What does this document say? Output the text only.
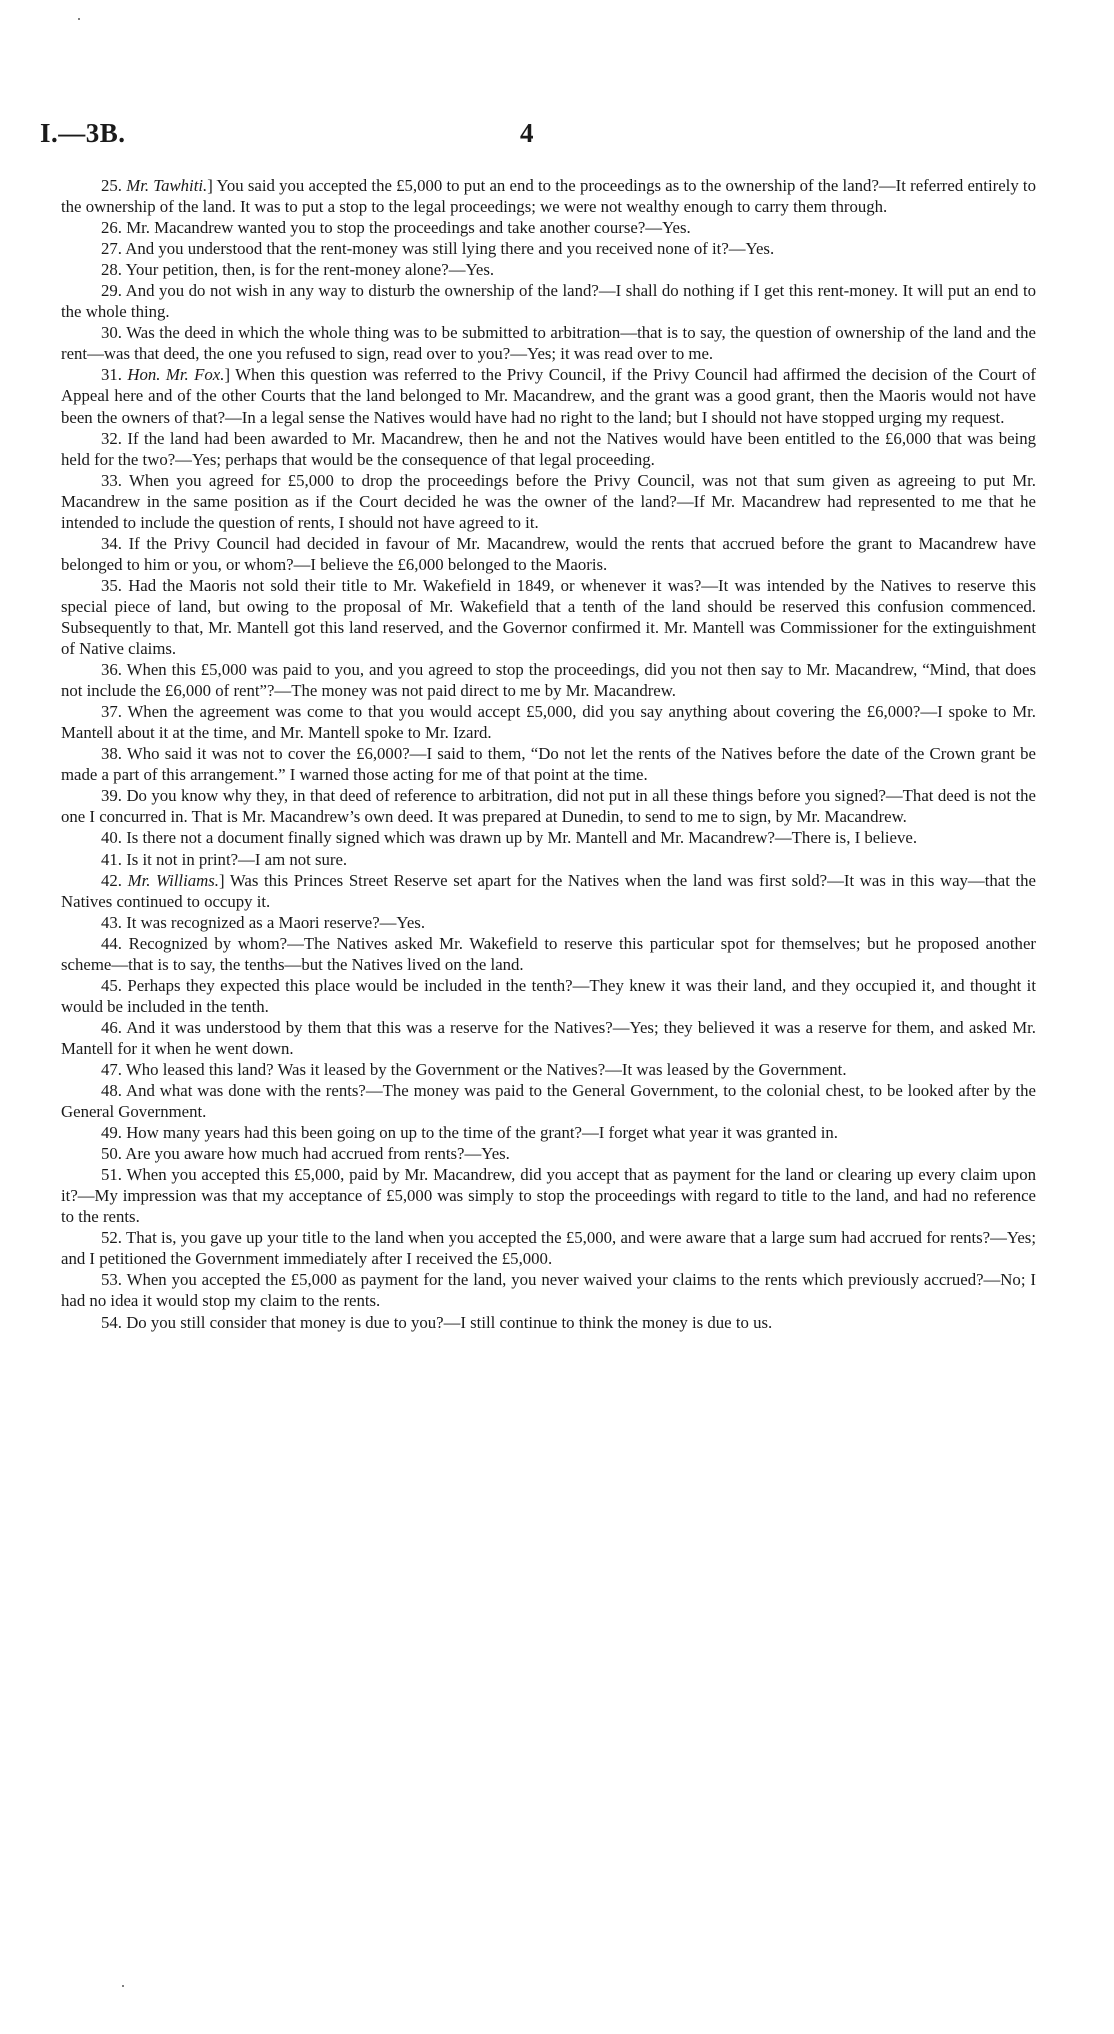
I.—3B.	4

25. Mr. Tawhiti.] You said you accepted the £5,000 to put an end to the proceedings as to the ownership of the land?—It referred entirely to the ownership of the land. It was to put a stop to the legal proceedings; we were not wealthy enough to carry them through.

26. Mr. Macandrew wanted you to stop the proceedings and take another course?—Yes.

27. And you understood that the rent-money was still lying there and you received none of it?—Yes.

28. Your petition, then, is for the rent-money alone?—Yes.

29. And you do not wish in any way to disturb the ownership of the land?—I shall do nothing if I get this rent-money. It will put an end to the whole thing.

30. Was the deed in which the whole thing was to be submitted to arbitration—that is to say, the question of ownership of the land and the rent—was that deed, the one you refused to sign, read over to you?—Yes; it was read over to me.

31. Hon. Mr. Fox.] When this question was referred to the Privy Council, if the Privy Council had affirmed the decision of the Court of Appeal here and of the other Courts that the land belonged to Mr. Macandrew, and the grant was a good grant, then the Maoris would not have been the owners of that?—In a legal sense the Natives would have had no right to the land; but I should not have stopped urging my request.

32. If the land had been awarded to Mr. Macandrew, then he and not the Natives would have been entitled to the £6,000 that was being held for the two?—Yes; perhaps that would be the consequence of that legal proceeding.

33. When you agreed for £5,000 to drop the proceedings before the Privy Council, was not that sum given as agreeing to put Mr. Macandrew in the same position as if the Court decided he was the owner of the land?—If Mr. Macandrew had represented to me that he intended to include the question of rents, I should not have agreed to it.

34. If the Privy Council had decided in favour of Mr. Macandrew, would the rents that accrued before the grant to Macandrew have belonged to him or you, or whom?—I believe the £6,000 belonged to the Maoris.

35. Had the Maoris not sold their title to Mr. Wakefield in 1849, or whenever it was?—It was intended by the Natives to reserve this special piece of land, but owing to the proposal of Mr. Wakefield that a tenth of the land should be reserved this confusion commenced. Subsequently to that, Mr. Mantell got this land reserved, and the Governor confirmed it. Mr. Mantell was Commissioner for the extinguishment of Native claims.

36. When this £5,000 was paid to you, and you agreed to stop the proceedings, did you not then say to Mr. Macandrew, “Mind, that does not include the £6,000 of rent”?—The money was not paid direct to me by Mr. Macandrew.

37. When the agreement was come to that you would accept £5,000, did you say anything about covering the £6,000?—I spoke to Mr. Mantell about it at the time, and Mr. Mantell spoke to Mr. Izard.

38. Who said it was not to cover the £6,000?—I said to them, “Do not let the rents of the Natives before the date of the Crown grant be made a part of this arrangement.” I warned those acting for me of that point at the time.

39. Do you know why they, in that deed of reference to arbitration, did not put in all these things before you signed?—That deed is not the one I concurred in. That is Mr. Macandrew’s own deed. It was prepared at Dunedin, to send to me to sign, by Mr. Macandrew.

40. Is there not a document finally signed which was drawn up by Mr. Mantell and Mr. Macandrew?—There is, I believe.

41. Is it not in print?—I am not sure.

42. Mr. Williams.] Was this Princes Street Reserve set apart for the Natives when the land was first sold?—It was in this way—that the Natives continued to occupy it.

43. It was recognized as a Maori reserve?—Yes.

44. Recognized by whom?—The Natives asked Mr. Wakefield to reserve this particular spot for themselves; but he proposed another scheme—that is to say, the tenths—but the Natives lived on the land.

45. Perhaps they expected this place would be included in the tenth?—They knew it was their land, and they occupied it, and thought it would be included in the tenth.

46. And it was understood by them that this was a reserve for the Natives?—Yes; they believed it was a reserve for them, and asked Mr. Mantell for it when he went down.

47. Who leased this land? Was it leased by the Government or the Natives?—It was leased by the Government.

48. And what was done with the rents?—The money was paid to the General Government, to the colonial chest, to be looked after by the General Government.

49. How many years had this been going on up to the time of the grant?—I forget what year it was granted in.

50. Are you aware how much had accrued from rents?—Yes.

51. When you accepted this £5,000, paid by Mr. Macandrew, did you accept that as payment for the land or clearing up every claim upon it?—My impression was that my acceptance of £5,000 was simply to stop the proceedings with regard to title to the land, and had no reference to the rents.

52. That is, you gave up your title to the land when you accepted the £5,000, and were aware that a large sum had accrued for rents?—Yes; and I petitioned the Government immediately after I received the £5,000.

53. When you accepted the £5,000 as payment for the land, you never waived your claims to the rents which previously accrued?—No; I had no idea it would stop my claim to the rents.

54. Do you still consider that money is due to you?—I still continue to think the money is due to us.
